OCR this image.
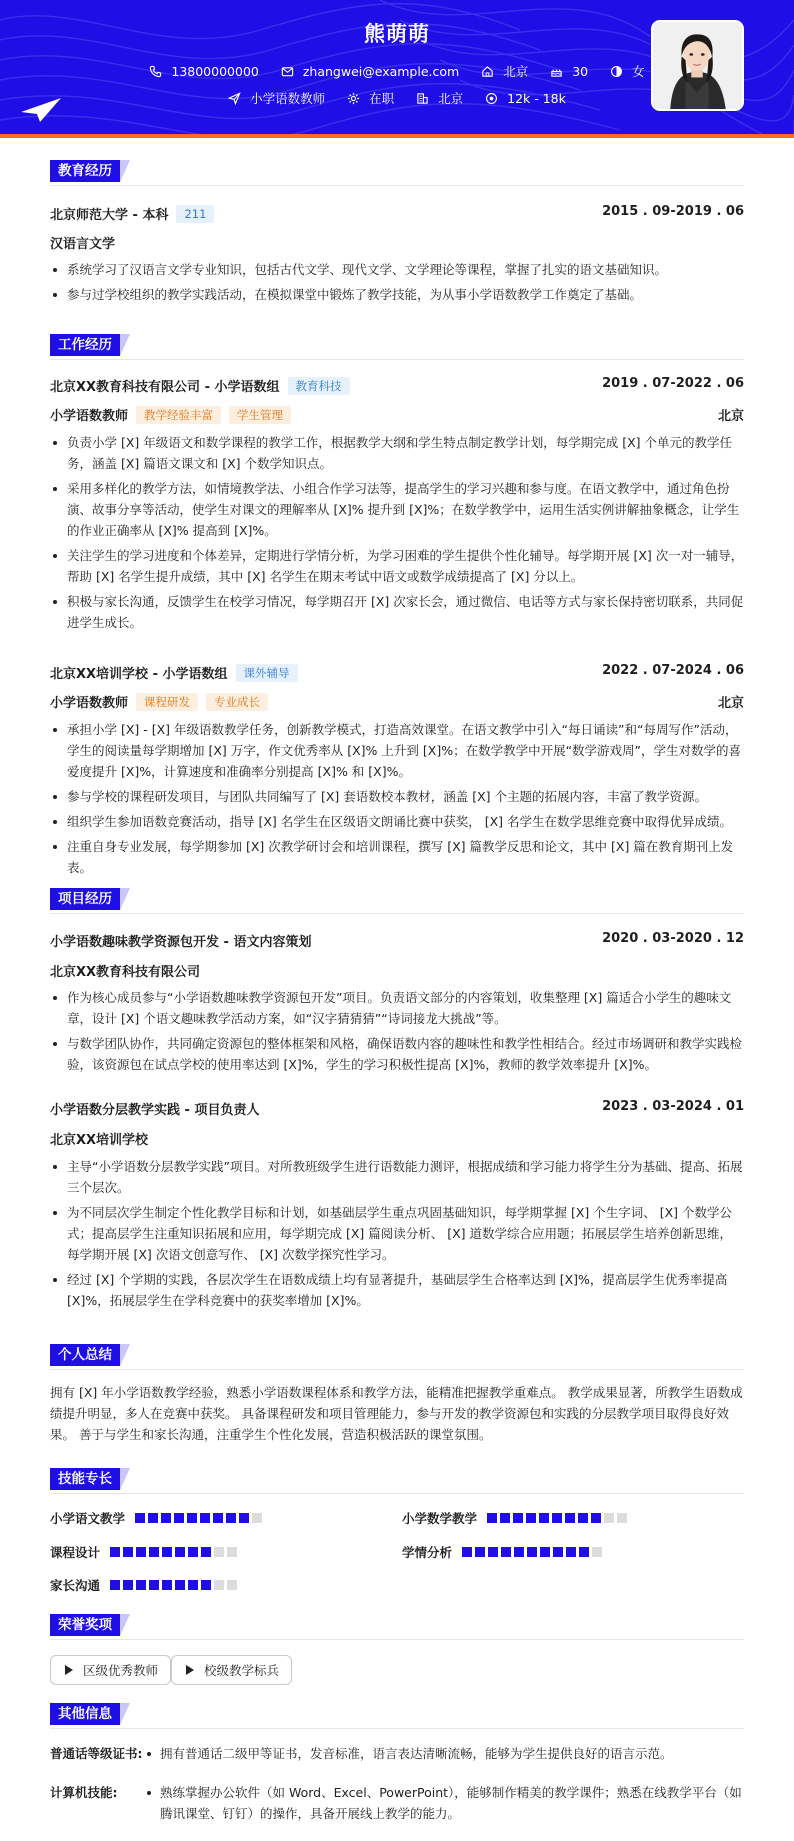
熊萌萌
13800000000
	zhangwei@example.com
	北京
	30
	女
小学语数教师
	在职
	北京
	12k - 18k
教育经历
北京师范大学 - 本科 211	2015 . 09-2019 . 06
汉语言文学
系统学习了汉语言文学专业知识，包括古代文学、现代文学、文学理论等课程，掌握了扎实的语文基础知识。
参与过学校组织的教学实践活动，在模拟课堂中锻炼了教学技能，为从事小学语数教学工作奠定了基础。
工作经历
北京XX教育科技有限公司 - 小学语数组 教育科技	2019 . 07-2022 . 06
小学语数教师 教学经验丰富 学生管理	北京
负责小学 [X] 年级语文和数学课程的教学工作，根据教学大纲和学生特点制定教学计划，每学期完成 [X] 个单元的教学任务，涵盖 [X] 篇语文课文和 [X] 个数学知识点。
采用多样化的教学方法，如情境教学法、小组合作学习法等，提高学生的学习兴趣和参与度。在语文教学中，通过角色扮演、故事分享等活动，使学生对课文的理解率从 [X]% 提升到 [X]%；在数学教学中，运用生活实例讲解抽象概念，让学生的作业正确率从 [X]% 提高到 [X]%。
关注学生的学习进度和个体差异，定期进行学情分析，为学习困难的学生提供个性化辅导。每学期开展 [X] 次一对一辅导，帮助 [X] 名学生提升成绩，其中 [X] 名学生在期末考试中语文或数学成绩提高了 [X] 分以上。
积极与家长沟通，反馈学生在校学习情况，每学期召开 [X] 次家长会，通过微信、电话等方式与家长保持密切联系，共同促进学生成长。
北京XX培训学校 - 小学语数组 课外辅导	2022 . 07-2024 . 06
小学语数教师 课程研发 专业成长	北京
承担小学 [X] - [X] 年级语数教学任务，创新教学模式，打造高效课堂。在语文教学中引入“每日诵读”和“每周写作”活动，学生的阅读量每学期增加 [X] 万字，作文优秀率从 [X]% 上升到 [X]%；在数学教学中开展“数学游戏周”，学生对数学的喜爱度提升 [X]%，计算速度和准确率分别提高 [X]% 和 [X]%。
参与学校的课程研发项目，与团队共同编写了 [X] 套语数校本教材，涵盖 [X] 个主题的拓展内容，丰富了教学资源。
组织学生参加语数竞赛活动，指导 [X] 名学生在区级语文朗诵比赛中获奖， [X] 名学生在数学思维竞赛中取得优异成绩。
注重自身专业发展，每学期参加 [X] 次教学研讨会和培训课程，撰写 [X] 篇教学反思和论文，其中 [X] 篇在教育期刊上发表。
项目经历
小学语数趣味教学资源包开发 - 语文内容策划	2020 . 03-2020 . 12
北京XX教育科技有限公司
作为核心成员参与“小学语数趣味教学资源包开发”项目。负责语文部分的内容策划，收集整理 [X] 篇适合小学生的趣味文章，设计 [X] 个语文趣味教学活动方案，如“汉字猜猜猜”“诗词接龙大挑战”等。
与数学团队协作，共同确定资源包的整体框架和风格，确保语数内容的趣味性和教学性相结合。经过市场调研和教学实践检验，该资源包在试点学校的使用率达到 [X]%，学生的学习积极性提高 [X]%，教师的教学效率提升 [X]%。
小学语数分层教学实践 - 项目负责人	2023 . 03-2024 . 01
北京XX培训学校
主导“小学语数分层教学实践”项目。对所教班级学生进行语数能力测评，根据成绩和学习能力将学生分为基础、提高、拓展三个层次。
为不同层次学生制定个性化教学目标和计划，如基础层学生重点巩固基础知识，每学期掌握 [X] 个生字词、 [X] 个数学公式；提高层学生注重知识拓展和应用，每学期完成 [X] 篇阅读分析、 [X] 道数学综合应用题；拓展层学生培养创新思维，每学期开展 [X] 次语文创意写作、 [X] 次数学探究性学习。
经过 [X] 个学期的实践，各层次学生在语数成绩上均有显著提升，基础层学生合格率达到 [X]%，提高层学生优秀率提高 [X]%，拓展层学生在学科竞赛中的获奖率增加 [X]%。
个人总结
拥有 [X] 年小学语数教学经验，熟悉小学语数课程体系和教学方法，能精准把握教学重难点。 教学成果显著，所教学生语数成绩提升明显，多人在竞赛中获奖。 具备课程研发和项目管理能力，参与开发的教学资源包和实践的分层教学项目取得良好效果。 善于与学生和家长沟通，注重学生个性化发展，营造积极活跃的课堂氛围。
技能专长
小学语文教学	小学数学教学
课程设计	学情分析
家长沟通
荣誉奖项
区级优秀教师	校级教学标兵
其他信息
普通话等级证书:	拥有普通话二级甲等证书，发音标准，语言表达清晰流畅，能够为学生提供良好的语言示范。
计算机技能:	熟练掌握办公软件（如 Word、Excel、PowerPoint），能够制作精美的教学课件；熟悉在线教学平台（如腾讯课堂、钉钉）的操作，具备开展线上教学的能力。
